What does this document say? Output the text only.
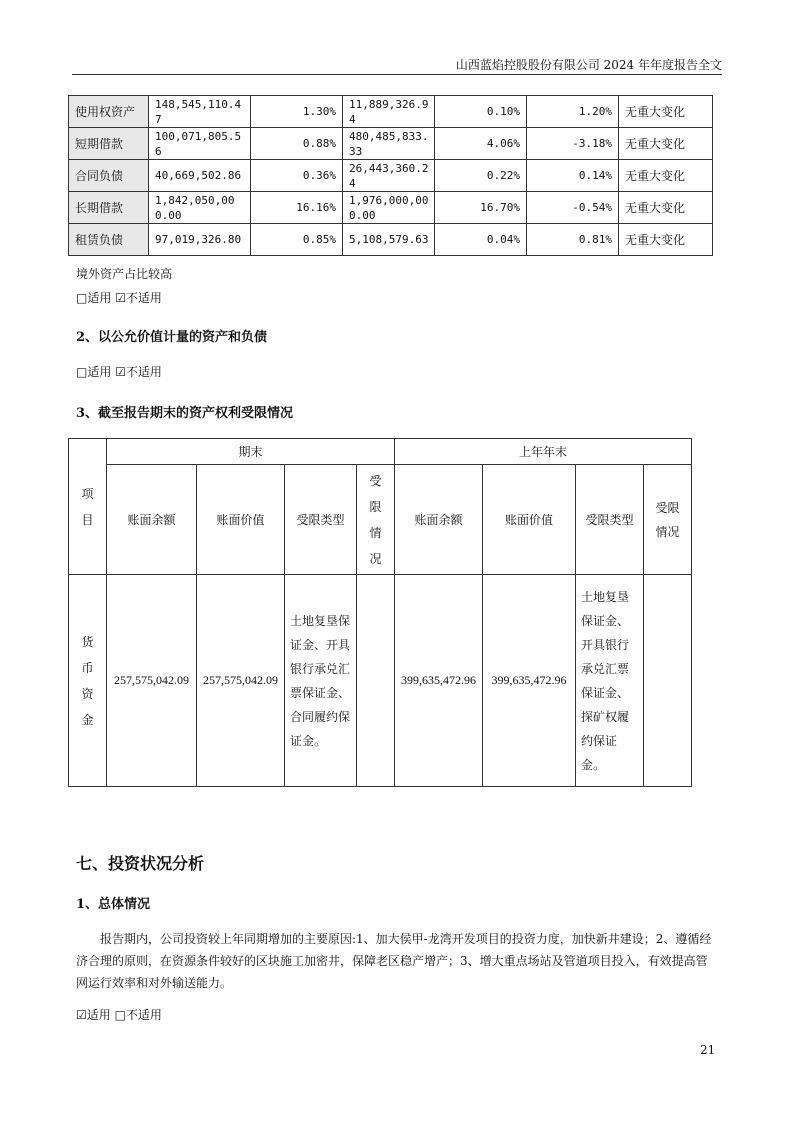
山西蓝焰控股股份有限公司 2024 年年度报告全文
使用权资产	148,545,110.47	1.30%	11,889,326.94	0.10%	1.20%	无重大变化
短期借款	100,071,805.56	0.88%	480,485,833.33	4.06%	-3.18%	无重大变化
合同负债	40,669,502.86	0.36%	26,443,360.24	0.22%	0.14%	无重大变化
长期借款	1,842,050,000.00	16.16%	1,976,000,000.00	16.70%	-0.54%	无重大变化
租赁负债	97,019,326.80	0.85%	5,108,579.63	0.04%	0.81%	无重大变化
境外资产占比较高
□适用 ☑不适用
2、以公允价值计量的资产和负债
□适用 ☑不适用
3、截至报告期末的资产权利受限情况
项目	期末				上年年末			
	账面余额	账面价值	受限类型	受限情况	账面余额	账面价值	受限类型	受限情况
货币资金	257,575,042.09	257,575,042.09	土地复垦保证金、开具银行承兑汇票保证金、合同履约保证金。		399,635,472.96	399,635,472.96	土地复垦保证金、开具银行承兑汇票保证金、探矿权履约保证金。	
七、投资状况分析
1、总体情况
报告期内，公司投资较上年同期增加的主要原因:1、加大侯甲-龙湾开发项目的投资力度，加快新井建设；2、遵循经济合理的原则，在资源条件较好的区块施工加密井，保障老区稳产增产；3、增大重点场站及管道项目投入，有效提高管网运行效率和对外输送能力。
☑适用 □不适用
21
